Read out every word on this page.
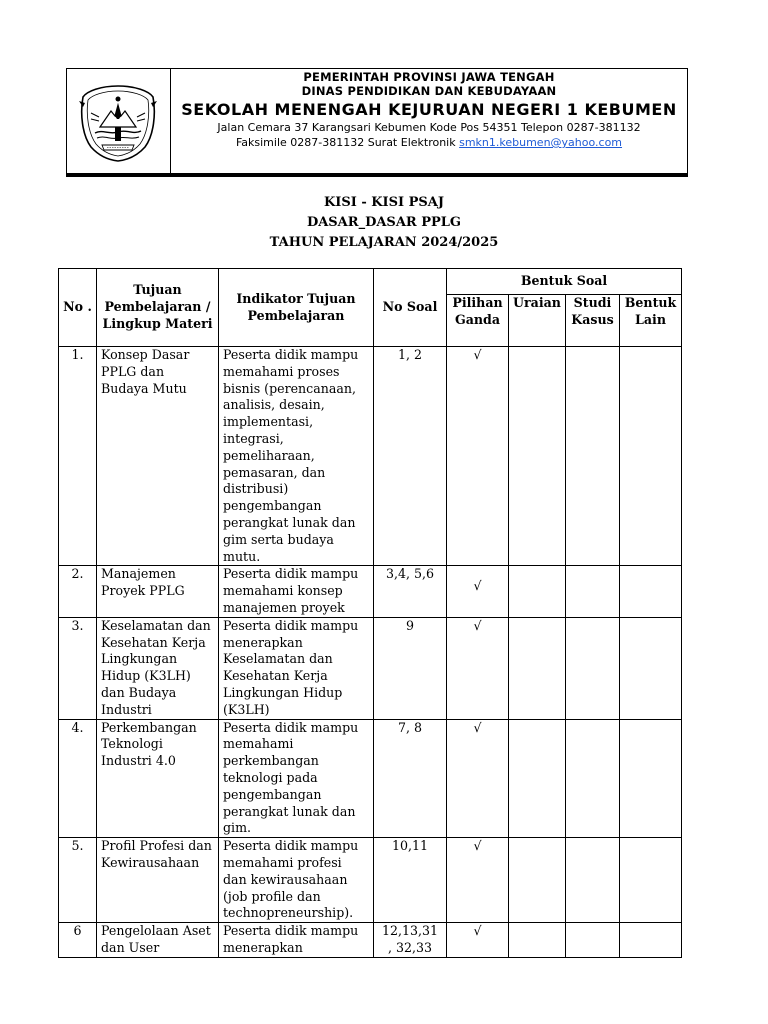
PEMERINTAH PROVINSI JAWA TENGAH
DINAS PENDIDIKAN DAN KEBUDAYAAN
SEKOLAH MENENGAH KEJURUAN NEGERI 1 KEBUMEN
Jalan Cemara 37 Karangsari Kebumen Kode Pos 54351 Telepon 0287-381132
Faksimile 0287-381132 Surat Elektronik smkn1.kebumen@yahoo.com
KISI - KISI PSAJ
DASAR_DASAR PPLG
TAHUN PELAJARAN 2024/2025
No .	Tujuan Pembelajaran / Lingkup Materi	Indikator Tujuan Pembelajaran	No Soal	Bentuk Soal			
				Pilihan Ganda	Uraian	Studi Kasus	Bentuk Lain
1.	Konsep Dasar PPLG dan Budaya Mutu	Peserta didik mampu memahami proses bisnis (perencanaan, analisis, desain, implementasi, integrasi, pemeliharaan, pemasaran, dan distribusi) pengembangan perangkat lunak dan gim serta budaya mutu.	1, 2	√			
2.	Manajemen Proyek PPLG	Peserta didik mampu memahami konsep manajemen proyek	3,4, 5,6	√			

3.	Keselamatan dan Kesehatan Kerja Lingkungan Hidup (K3LH) dan Budaya Industri	Peserta didik mampu menerapkan Keselamatan dan Kesehatan Kerja Lingkungan Hidup (K3LH)	9	√			
4.	Perkembangan Teknologi Industri 4.0	Peserta didik mampu memahami perkembangan teknologi pada pengembangan perangkat lunak dan gim.	7, 8	√			
5.	Profil Profesi dan Kewirausahaan	Peserta didik mampu memahami profesi dan kewirausahaan (job profile dan technopreneurship).	10,11	√			
6	Pengelolaan Aset dan User	Peserta didik mampu menerapkan	12,13,31 , 32,33	√			
